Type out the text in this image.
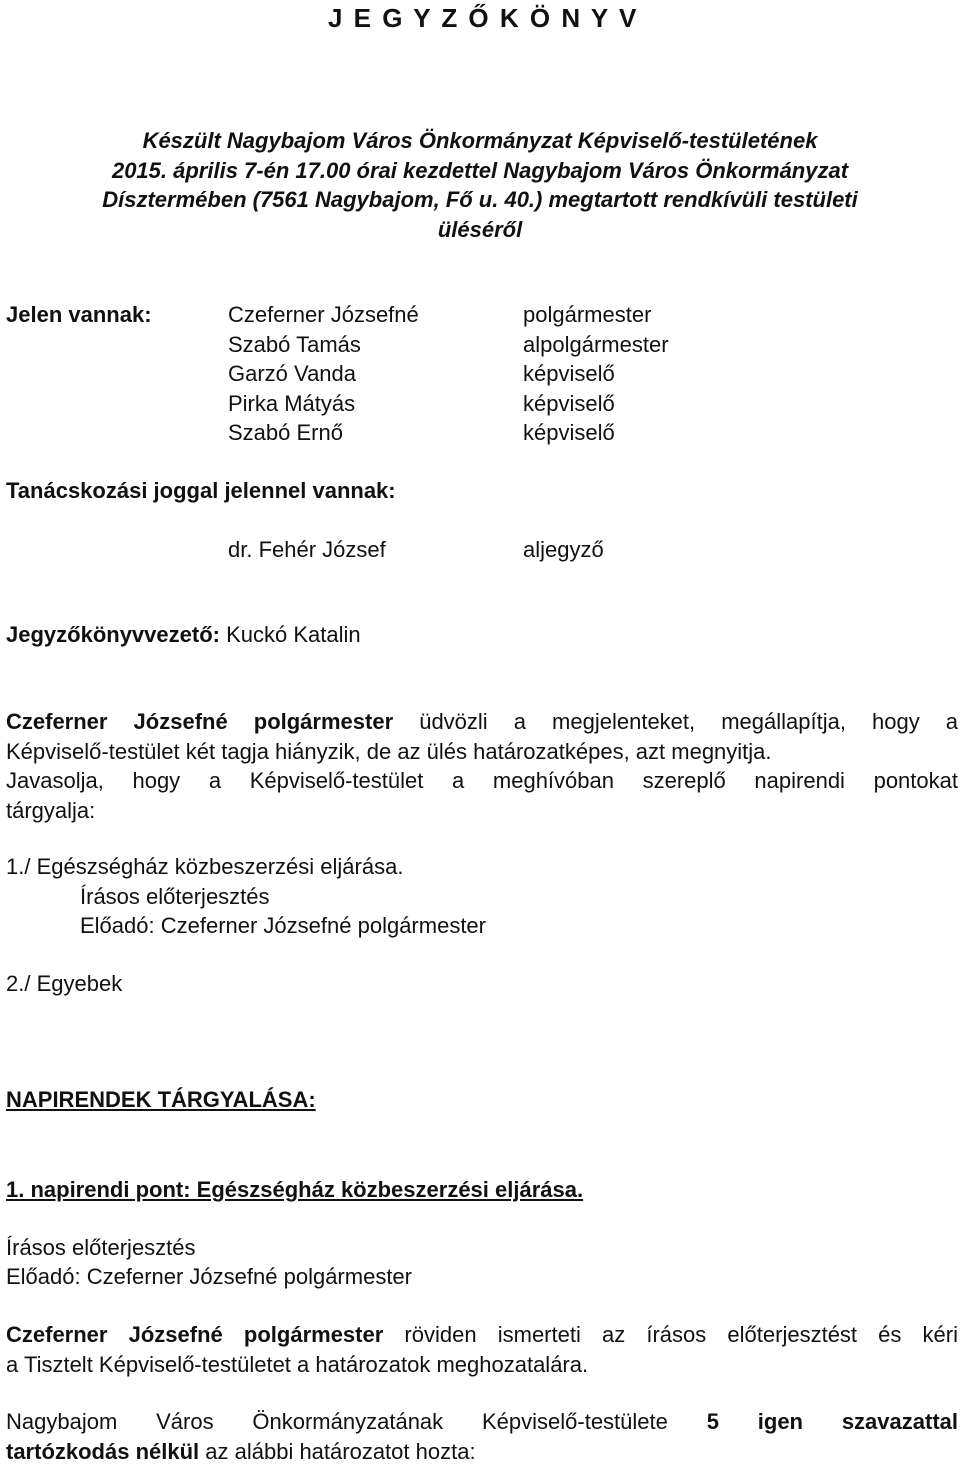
J E G Y Z Ő K Ö N Y V
Készült Nagybajom Város Önkormányzat Képviselő-testületének
2015. április 7-én 17.00 órai kezdettel Nagybajom Város Önkormányzat
Dísztermében (7561 Nagybajom, Fő u. 40.) megtartott rendkívüli testületi
üléséről
Jelen vannak:	Czeferner Józsefné
Szabó Tamás
Garzó Vanda
Pirka Mátyás
Szabó Ernő
polgármester
alpolgármester
képviselő
képviselő
képviselő
Tanácskozási joggal jelennel vannak:
dr. Fehér József	aljegyző
Jegyzőkönyvvezető: Kuckó Katalin
Czeferner Józsefné polgármester üdvözli a megjelenteket, megállapítja, hogy a
Képviselő-testület két tagja hiányzik, de az ülés határozatképes, azt megnyitja.
Javasolja, hogy a Képviselő-testület a meghívóban szereplő napirendi pontokat
tárgyalja:
1./ Egészségház közbeszerzési eljárása.
Írásos előterjesztés
Előadó: Czeferner Józsefné polgármester
2./ Egyebek
NAPIRENDEK TÁRGYALÁSA:
1. napirendi pont: Egészségház közbeszerzési eljárása.
Írásos előterjesztés
Előadó: Czeferner Józsefné polgármester
Czeferner Józsefné polgármester röviden ismerteti az írásos előterjesztést és kéri
a Tisztelt Képviselő-testületet a határozatok meghozatalára.
Nagybajom Város Önkormányzatának Képviselő-testülete 5 igen szavazattal
tartózkodás nélkül az alábbi határozatot hozta:
